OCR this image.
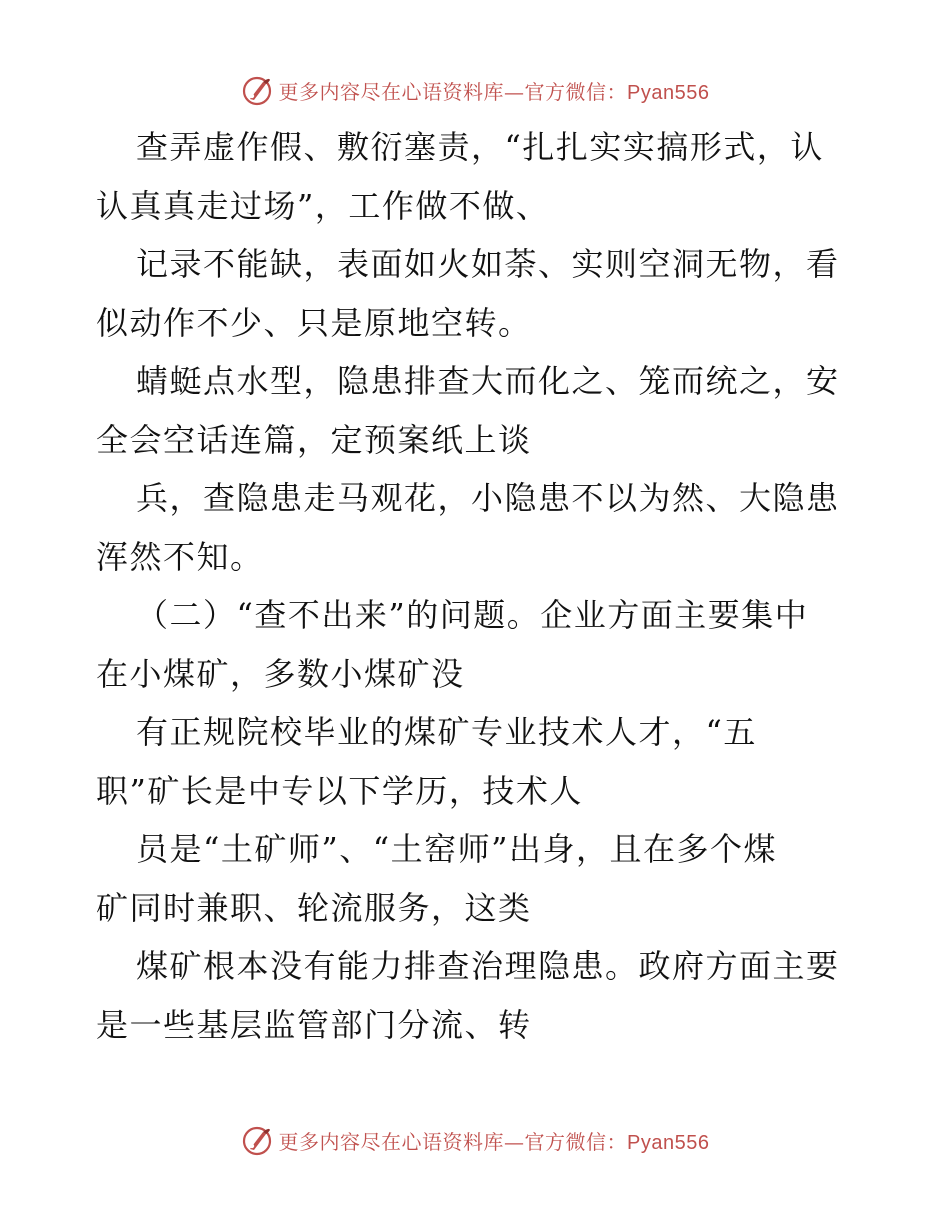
更多内容尽在心语资料库—官方微信：Pyan556
查弄虚作假、敷衍塞责，“扎扎实实搞形式，认
认真真走过场”，工作做不做、
记录不能缺，表面如火如荼、实则空洞无物，看
似动作不少、只是原地空转。
蜻蜓点水型，隐患排查大而化之、笼而统之，安
全会空话连篇，定预案纸上谈
兵，查隐患走马观花，小隐患不以为然、大隐患
浑然不知。
（二）“查不出来”的问题。企业方面主要集中
在小煤矿，多数小煤矿没
有正规院校毕业的煤矿专业技术人才，“五
职”矿长是中专以下学历，技术人
员是“土矿师”、“土窑师”出身，且在多个煤
矿同时兼职、轮流服务，这类
煤矿根本没有能力排查治理隐患。政府方面主要
是一些基层监管部门分流、转
更多内容尽在心语资料库—官方微信：Pyan556
